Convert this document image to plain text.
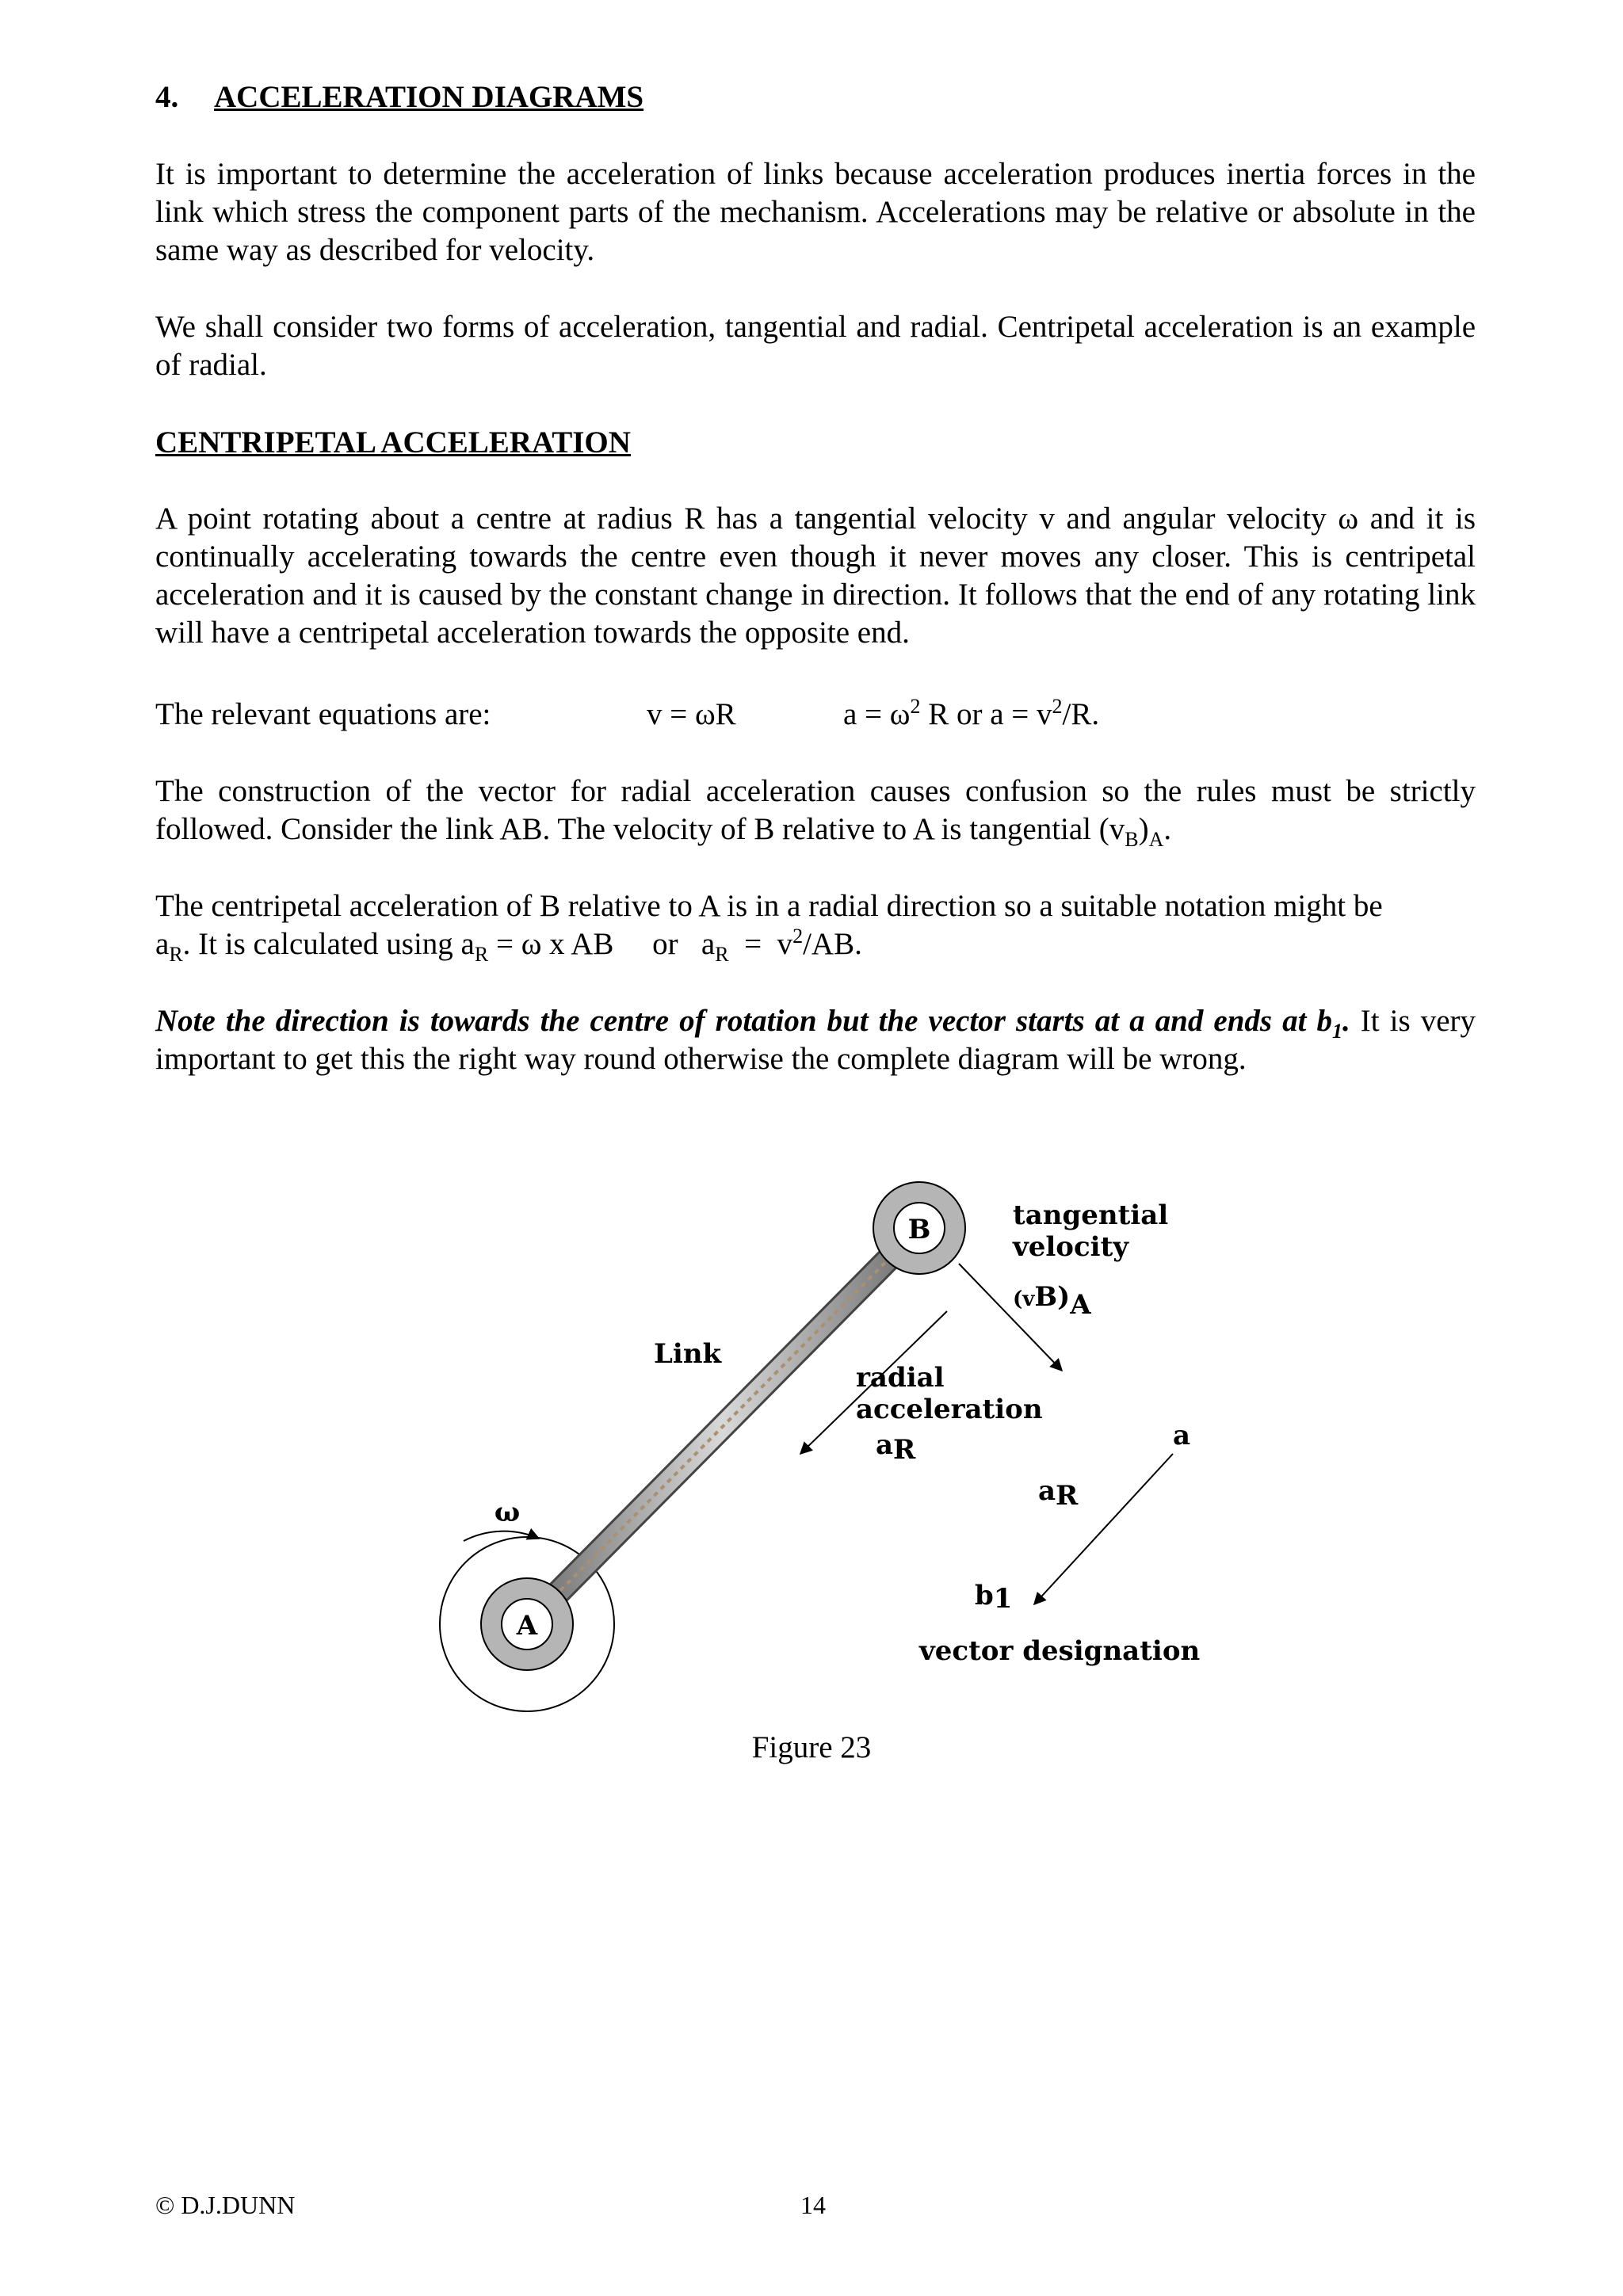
4. ACCELERATION DIAGRAMS

It is important to determine the acceleration of links because acceleration produces inertia forces in the link which stress the component parts of the mechanism. Accelerations may be relative or absolute in the same way as described for velocity.

We shall consider two forms of acceleration, tangential and radial. Centripetal acceleration is an example of radial.

CENTRIPETAL ACCELERATION

A point rotating about a centre at radius R has a tangential velocity v and angular velocity ω and it is continually accelerating towards the centre even though it never moves any closer. This is centripetal acceleration and it is caused by the constant change in direction. It follows that the end of any rotating link will have a centripetal acceleration towards the opposite end.

The relevant equations are:	v = ωR	$a = \omega^2$ R or $a = v^2/R$.

The construction of the vector for radial acceleration causes confusion so the rules must be strictly followed. Consider the link AB. The velocity of B relative to A is tangential $(v_B)_A$.

The centripetal acceleration of B relative to A is in a radial direction so a suitable notation might be
$a_R$. It is calculated using $a_R = \omega$ x AB     or   $a_R = v^2/AB$.

Note the direction is towards the centre of rotation but the vector starts at a and ends at $b_1$. It is very important to get this the right way round otherwise the complete diagram will be wrong.

A
B
ω
tangential
velocity
(vB)A
Link
radial
acceleration
aR	a
aR
b1
vector designation
Figure 23
© D.J.DUNN	14
